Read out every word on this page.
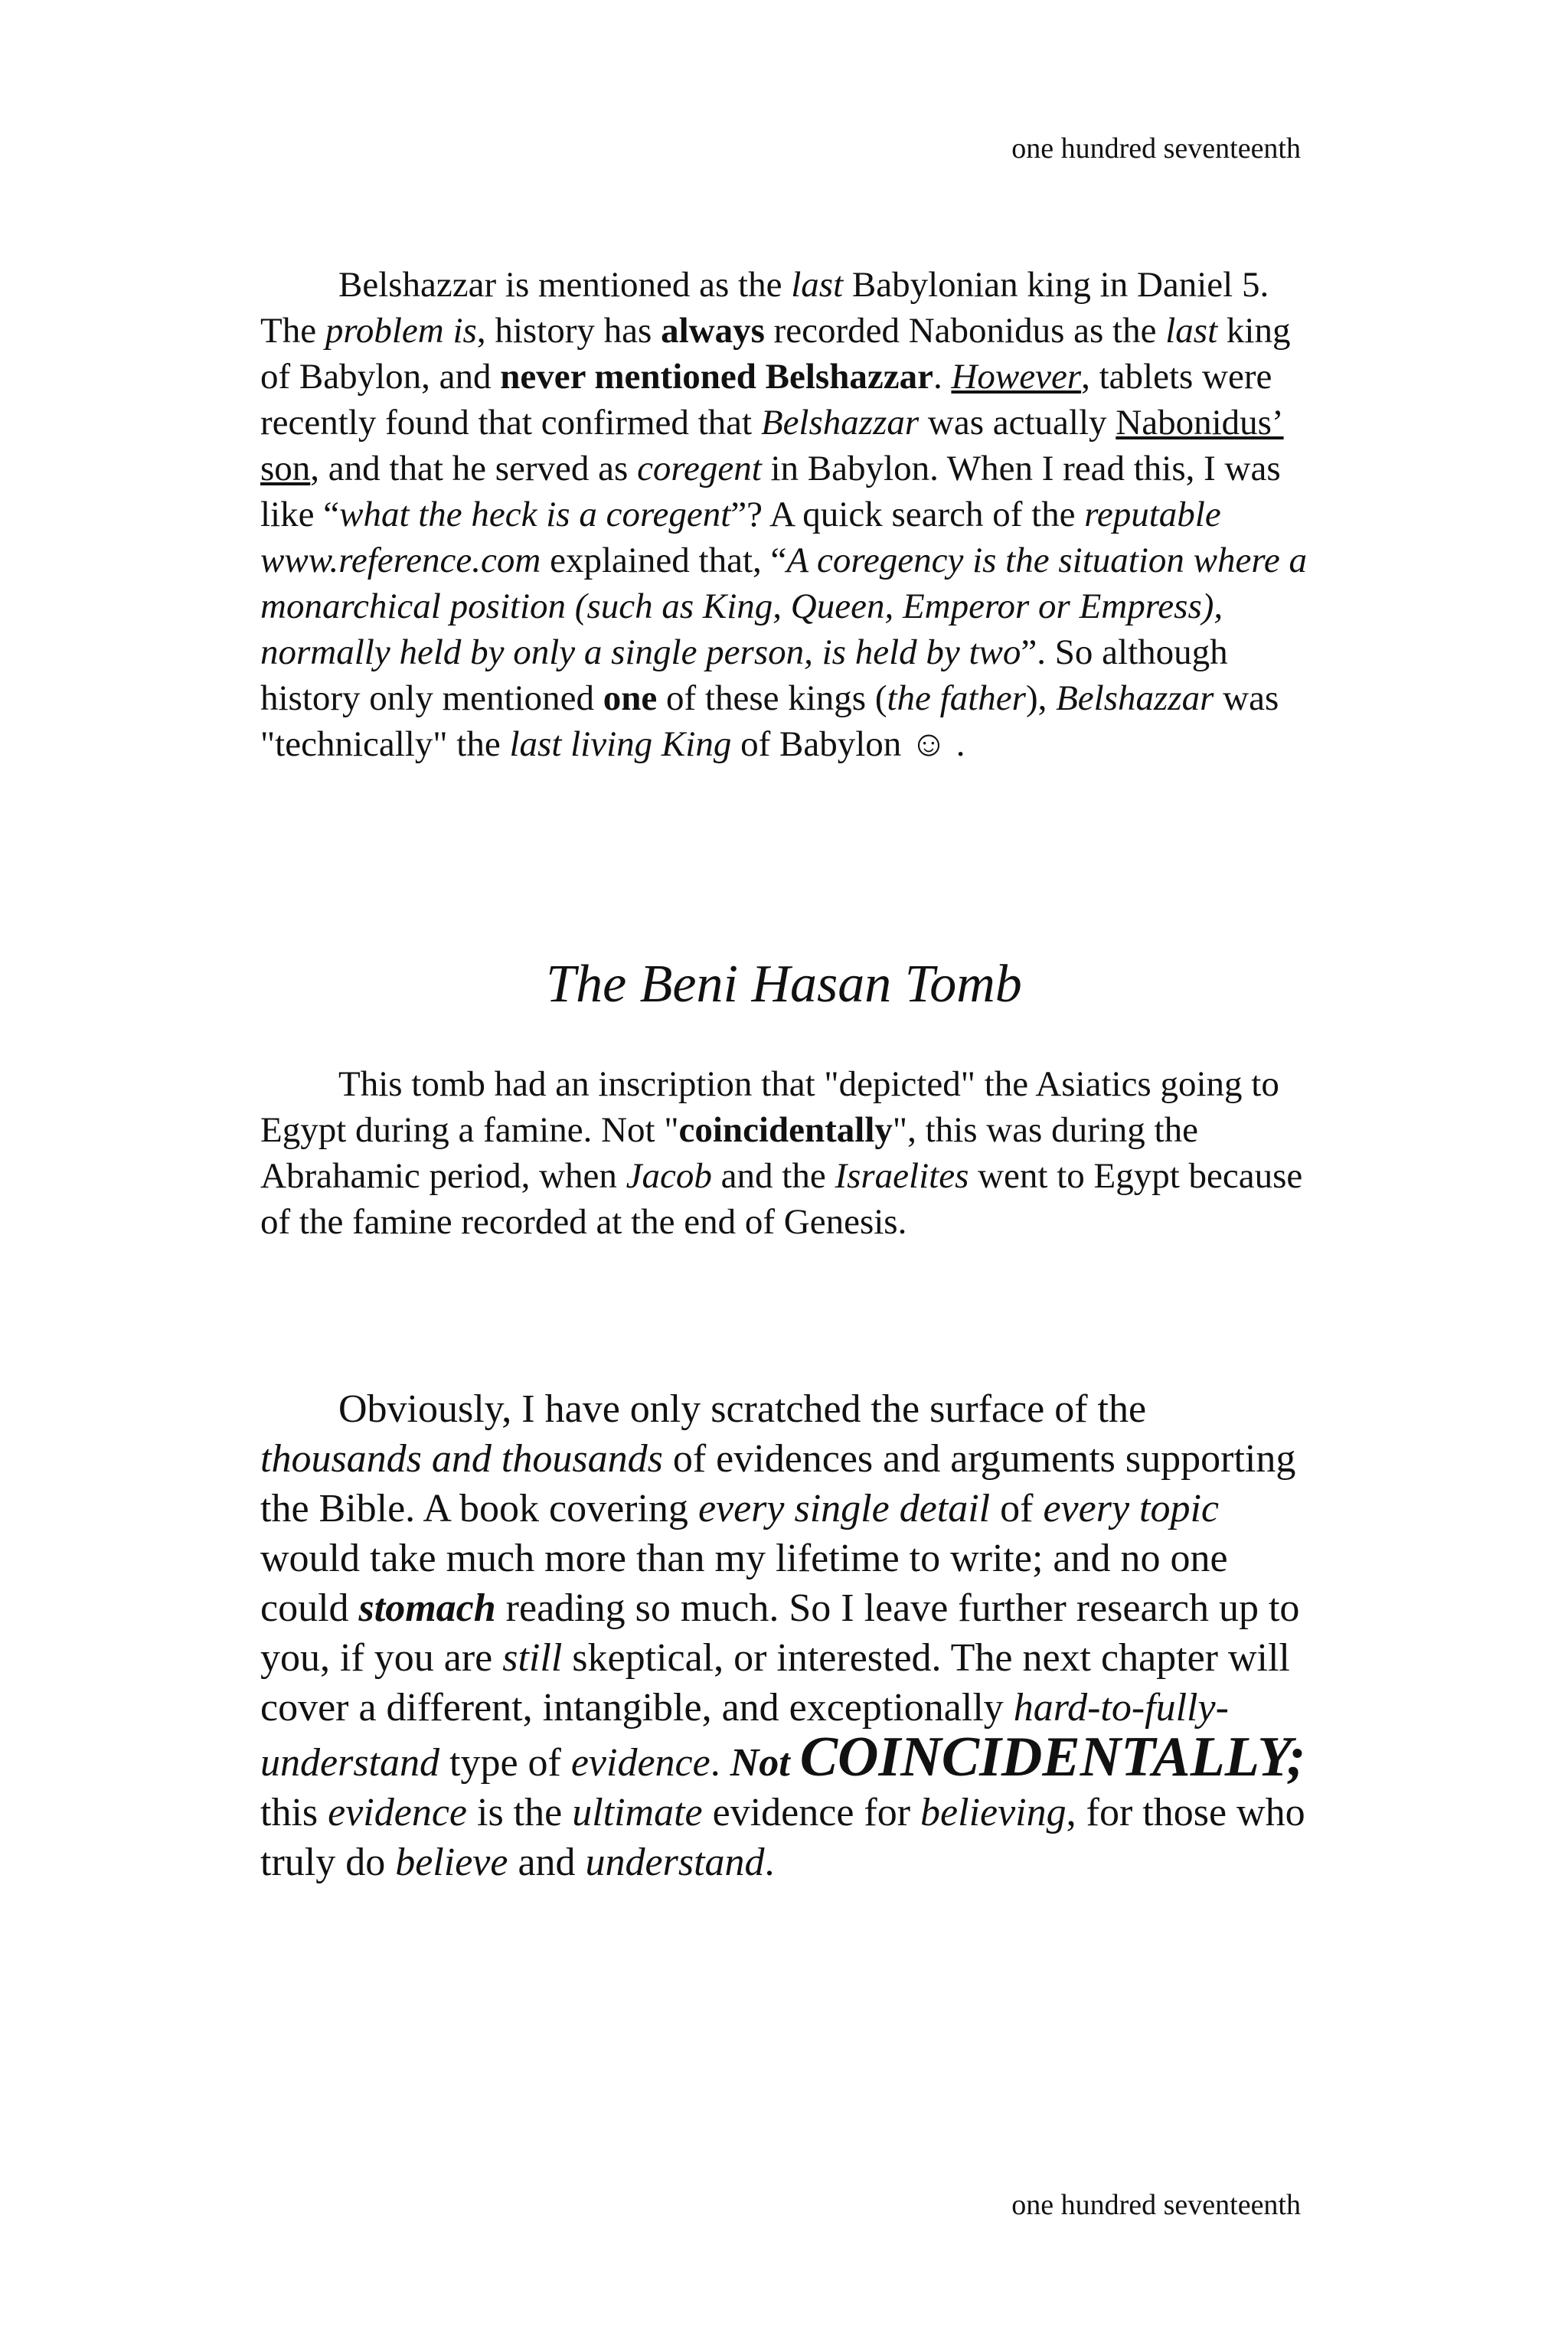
one hundred seventeenth

Belshazzar is mentioned as the last Babylonian king in Daniel 5. The problem is, history has always recorded Nabonidus as the last king of Babylon, and never mentioned Belshazzar. However, tablets were recently found that confirmed that Belshazzar was actually Nabonidus’ son, and that he served as coregent in Babylon. When I read this, I was like “what the heck is a coregent”? A quick search of the reputable www.reference.com explained that, “A coregency is the situation where a monarchical position (such as King, Queen, Emperor or Empress), normally held by only a single person, is held by two”. So although history only mentioned one of these kings (the father), Belshazzar was "technically" the last living King of Babylon ☺ .

The Beni Hasan Tomb

This tomb had an inscription that "depicted" the Asiatics going to Egypt during a famine. Not "coincidentally", this was during the Abrahamic period, when Jacob and the Israelites went to Egypt because of the famine recorded at the end of Genesis.

Obviously, I have only scratched the surface of the thousands and thousands of evidences and arguments supporting the Bible. A book covering every single detail of every topic would take much more than my lifetime to write; and no one could stomach reading so much. So I leave further research up to you, if you are still skeptical, or interested. The next chapter will cover a different, intangible, and exceptionally hard-to-fully-understand type of evidence. Not COINCIDENTALLY; this evidence is the ultimate evidence for believing, for those who truly do believe and understand.

one hundred seventeenth
